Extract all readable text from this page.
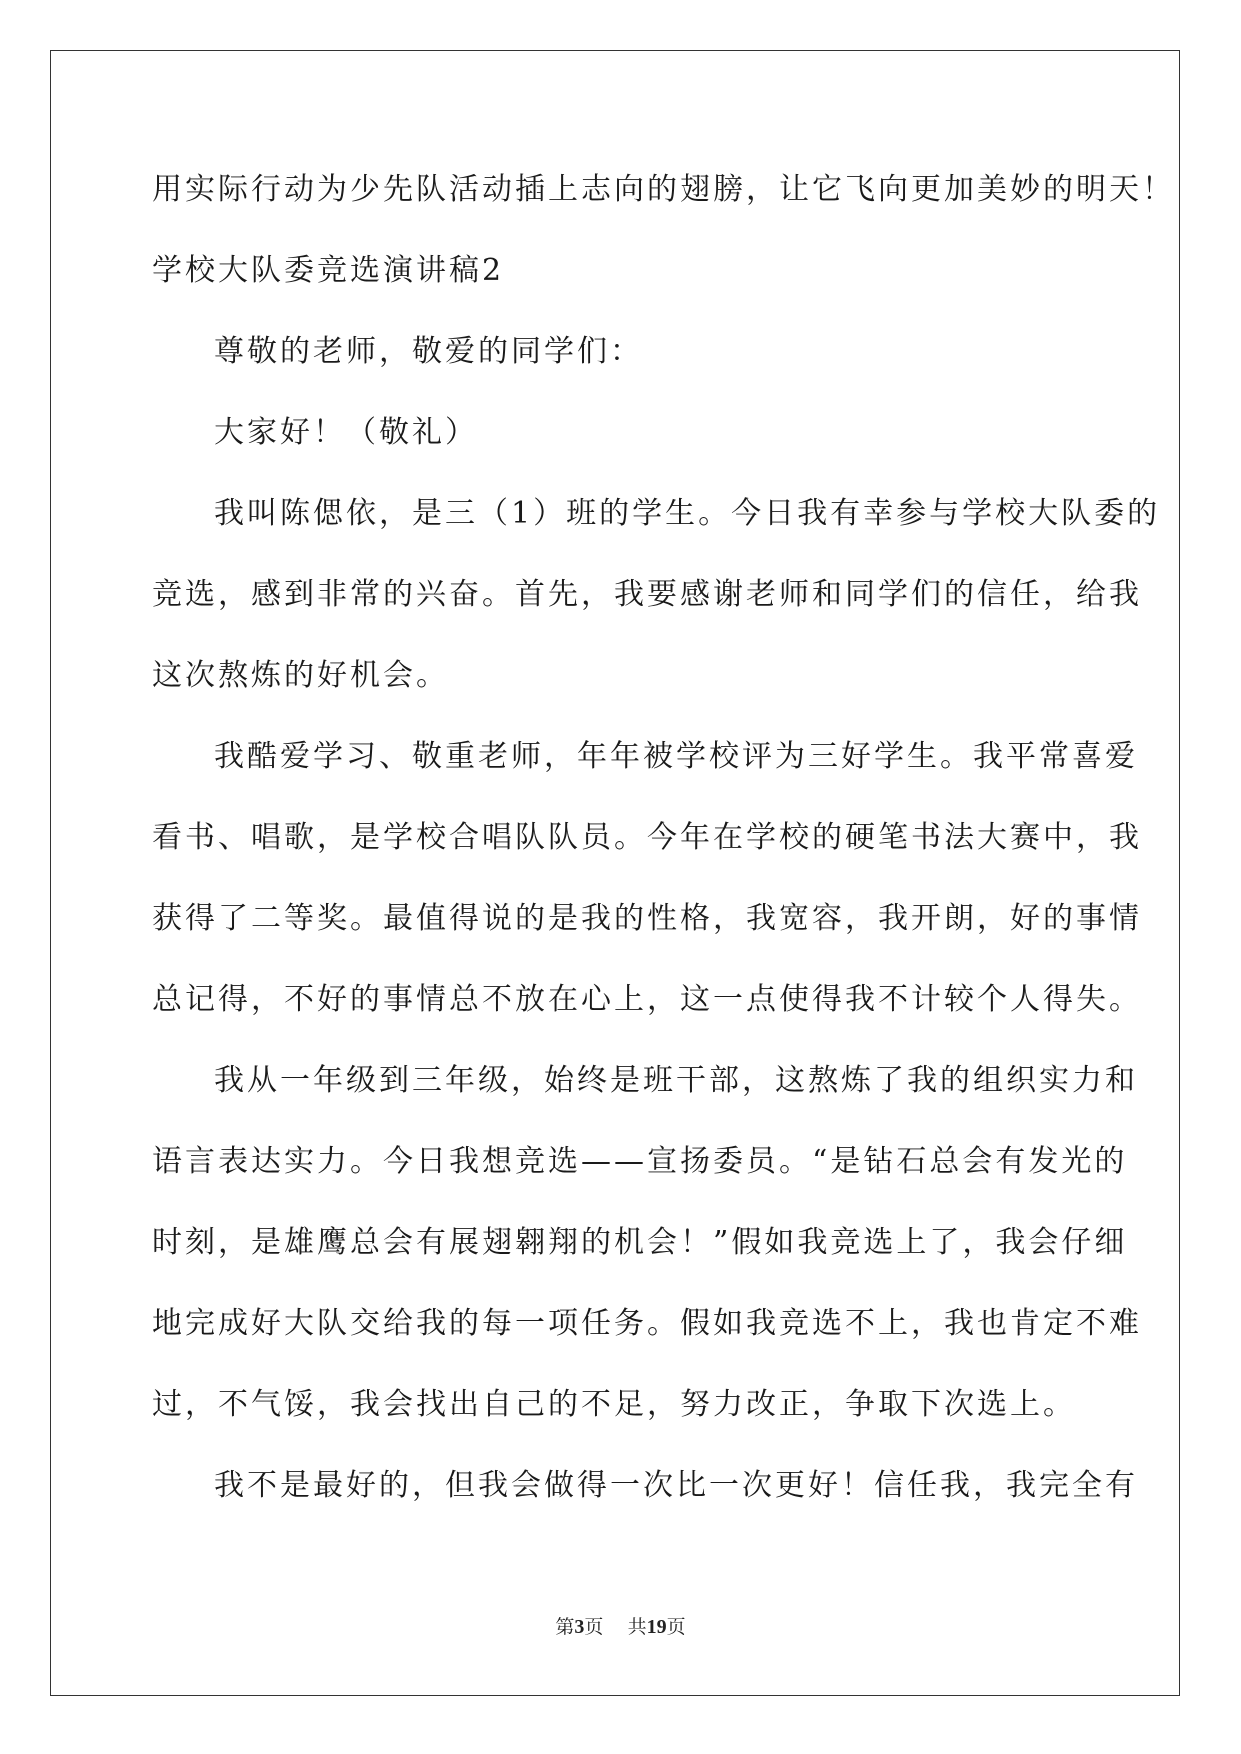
用实际行动为少先队活动插上志向的翅膀，让它飞向更加美妙的明天！
学校大队委竞选演讲稿2
尊敬的老师，敬爱的同学们：
大家好！（敬礼）
我叫陈偲依，是三（1）班的学生。今日我有幸参与学校大队委的
竞选，感到非常的兴奋。首先，我要感谢老师和同学们的信任，给我
这次熬炼的好机会。
我酷爱学习、敬重老师，年年被学校评为三好学生。我平常喜爱
看书、唱歌，是学校合唱队队员。今年在学校的硬笔书法大赛中，我
获得了二等奖。最值得说的是我的性格，我宽容，我开朗，好的事情
总记得，不好的事情总不放在心上，这一点使得我不计较个人得失。
我从一年级到三年级，始终是班干部，这熬炼了我的组织实力和
语言表达实力。今日我想竞选——宣扬委员。“是钻石总会有发光的
时刻，是雄鹰总会有展翅翱翔的机会！”假如我竞选上了，我会仔细
地完成好大队交给我的每一项任务。假如我竞选不上，我也肯定不难
过，不气馁，我会找出自己的不足，努力改正，争取下次选上。
我不是最好的，但我会做得一次比一次更好！信任我，我完全有
第3页 共19页
